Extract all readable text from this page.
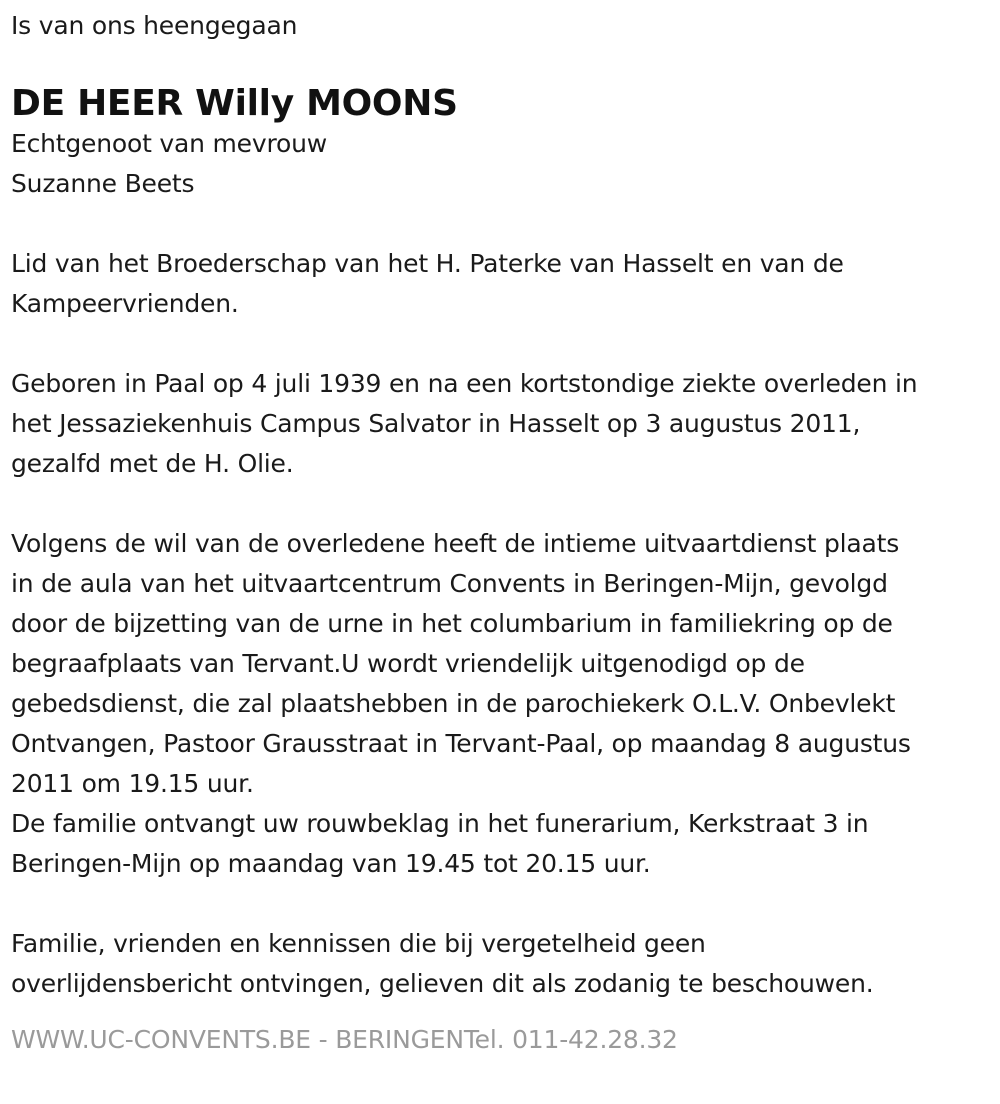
Is van ons heengegaan

DE HEER Willy MOONS

Echtgenoot van mevrouw

Suzanne Beets

Lid van het Broederschap van het H. Paterke van Hasselt en van de

Kampeervrienden.

Geboren in Paal op 4 juli 1939 en na een kortstondige ziekte overleden in

het Jessaziekenhuis Campus Salvator in Hasselt op 3 augustus 2011,

gezalfd met de H. Olie.

Volgens de wil van de overledene heeft de intieme uitvaartdienst plaats

in de aula van het uitvaartcentrum Convents in Beringen-Mijn, gevolgd

door de bijzetting van de urne in het columbarium in familiekring op de

begraafplaats van Tervant.U wordt vriendelijk uitgenodigd op de

gebedsdienst, die zal plaatshebben in de parochiekerk O.L.V. Onbevlekt

Ontvangen, Pastoor Grausstraat in Tervant-Paal, op maandag 8 augustus

2011 om 19.15 uur.

De familie ontvangt uw rouwbeklag in het funerarium, Kerkstraat 3 in

Beringen-Mijn op maandag van 19.45 tot 20.15 uur.

Familie, vrienden en kennissen die bij vergetelheid geen

overlijdensbericht ontvingen, gelieven dit als zodanig te beschouwen.

WWW.UC-CONVENTS.BE - BERINGENTel. 011-42.28.32
